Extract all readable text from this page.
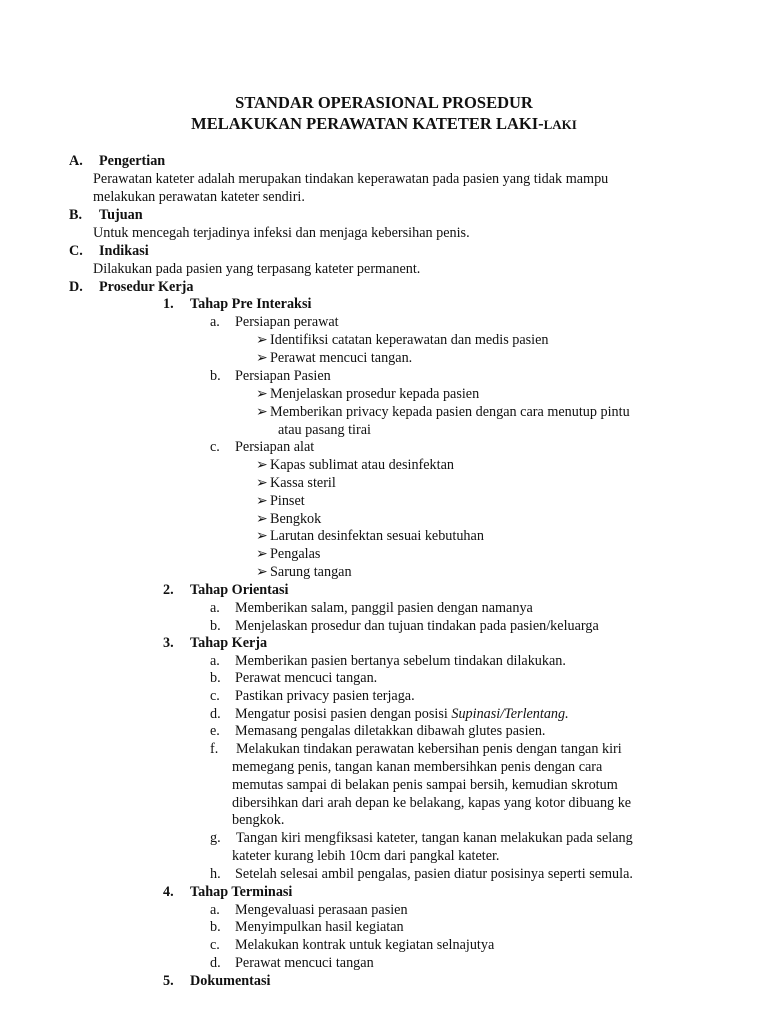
STANDAR OPERASIONAL PROSEDUR
MELAKUKAN PERAWATAN KATETER LAKI-LAKI
A. Pengertian
Perawatan kateter adalah merupakan tindakan keperawatan pada pasien yang tidak mampu
melakukan perawatan kateter sendiri.
B. Tujuan
Untuk mencegah terjadinya infeksi dan menjaga kebersihan penis.
C. Indikasi
Dilakukan pada pasien yang terpasang kateter permanent.
D. Prosedur Kerja
1. Tahap Pre Interaksi
a. Persiapan perawat
➢ Identifiksi catatan keperawatan dan medis pasien
➢ Perawat mencuci tangan.
b. Persiapan Pasien
➢ Menjelaskan prosedur kepada pasien
➢ Memberikan privacy kepada pasien dengan cara menutup pintu
atau pasang tirai
c. Persiapan alat
➢ Kapas sublimat atau desinfektan
➢ Kassa steril
➢ Pinset
➢ Bengkok
➢ Larutan desinfektan sesuai kebutuhan
➢ Pengalas
➢ Sarung tangan
2. Tahap Orientasi
a. Memberikan salam, panggil pasien dengan namanya
b. Menjelaskan prosedur dan tujuan tindakan pada pasien/keluarga
3. Tahap Kerja
a. Memberikan pasien bertanya sebelum tindakan dilakukan.
b. Perawat mencuci tangan.
c. Pastikan privacy pasien terjaga.
d. Mengatur posisi pasien dengan posisi Supinasi/Terlentang.
e. Memasang pengalas diletakkan dibawah glutes pasien.
f. Melakukan tindakan perawatan kebersihan penis dengan tangan kiri
memegang penis, tangan kanan membersihkan penis dengan cara
memutas sampai di belakan penis sampai bersih, kemudian skrotum
dibersihkan dari arah depan ke belakang, kapas yang kotor dibuang ke
bengkok.
g. Tangan kiri mengfiksasi kateter, tangan kanan melakukan pada selang
kateter kurang lebih 10cm dari pangkal kateter.
h. Setelah selesai ambil pengalas, pasien diatur posisinya seperti semula.
4. Tahap Terminasi
a. Mengevaluasi perasaan pasien
b. Menyimpulkan hasil kegiatan
c. Melakukan kontrak untuk kegiatan selnajutya
d. Perawat mencuci tangan
5. Dokumentasi
